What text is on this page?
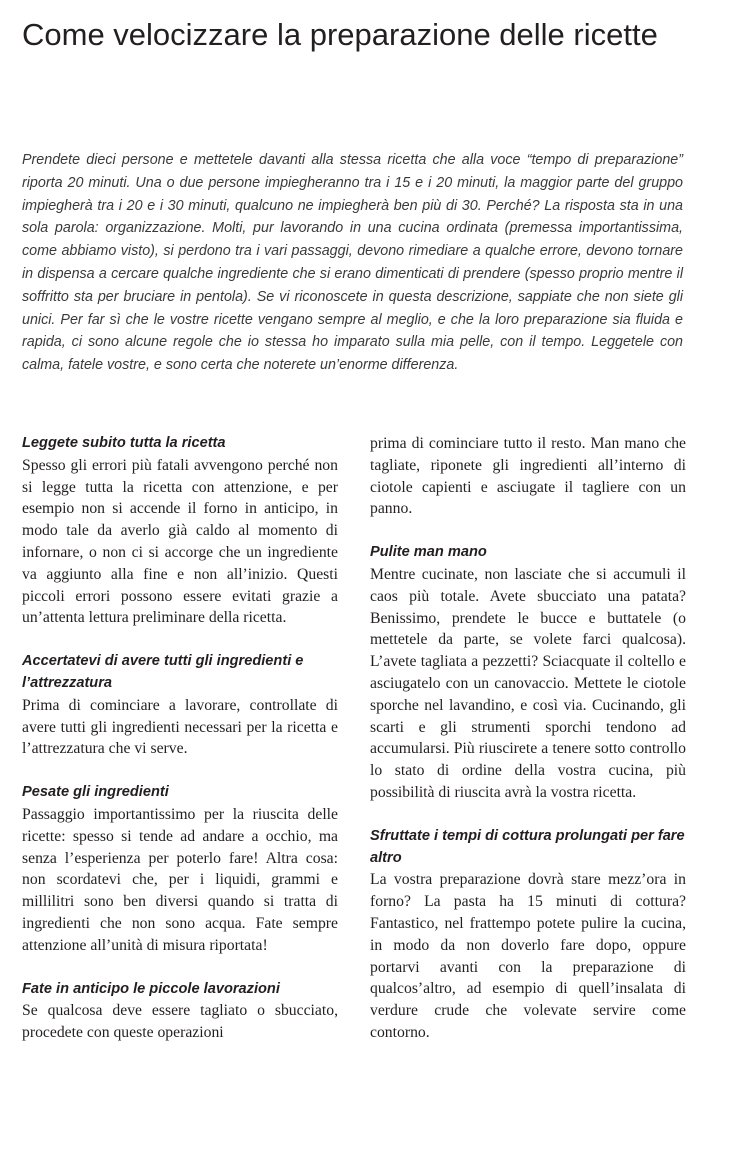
Come velocizzare la preparazione delle ricette

Prendete dieci persone e mettetele davanti alla stessa ricetta che alla voce “tempo di preparazione” riporta 20 minuti. Una o due persone impiegheranno tra i 15 e i 20 minuti, la maggior parte del gruppo impiegherà tra i 20 e i 30 minuti, qualcuno ne impiegherà ben più di 30. Perché? La risposta sta in una sola parola: organizzazione. Molti, pur lavorando in una cucina ordinata (premessa importantissima, come abbiamo visto), si perdono tra i vari passaggi, devono rimediare a qualche errore, devono tornare in dispensa a cercare qualche ingrediente che si erano dimenticati di prendere (spesso proprio mentre il soffritto sta per bruciare in pentola). Se vi riconoscete in questa descrizione, sappiate che non siete gli unici. Per far sì che le vostre ricette vengano sempre al meglio, e che la loro preparazione sia fluida e rapida, ci sono alcune regole che io stessa ho imparato sulla mia pelle, con il tempo. Leggetele con calma, fatele vostre, e sono certa che noterete un’enorme differenza.

Leggete subito tutta la ricetta

Spesso gli errori più fatali avvengono perché non si legge tutta la ricetta con attenzione, e per esempio non si accende il forno in anticipo, in modo tale da averlo già caldo al momento di infornare, o non ci si accorge che un ingrediente va aggiunto alla fine e non all’inizio. Questi piccoli errori possono essere evitati grazie a un’attenta lettura preliminare della ricetta.

Accertatevi di avere tutti gli ingredienti e l’attrezzatura

Prima di cominciare a lavorare, controllate di avere tutti gli ingredienti necessari per la ricetta e l’attrezzatura che vi serve.

Pesate gli ingredienti

Passaggio importantissimo per la riuscita delle ricette: spesso si tende ad andare a occhio, ma senza l’esperienza per poterlo fare! Altra cosa: non scordatevi che, per i liquidi, grammi e millilitri sono ben diversi quando si tratta di ingredienti che non sono acqua. Fate sempre attenzione all’unità di misura riportata!

Fate in anticipo le piccole lavorazioni

Se qualcosa deve essere tagliato o sbucciato, procedete con queste operazioni

prima di cominciare tutto il resto. Man mano che tagliate, riponete gli ingredienti all’interno di ciotole capienti e asciugate il tagliere con un panno.

Pulite man mano

Mentre cucinate, non lasciate che si accumuli il caos più totale. Avete sbucciato una patata? Benissimo, prendete le bucce e buttatele (o mettetele da parte, se volete farci qualcosa). L’avete tagliata a pezzetti? Sciacquate il coltello e asciugatelo con un canovaccio. Mettete le ciotole sporche nel lavandino, e così via. Cucinando, gli scarti e gli strumenti sporchi tendono ad accumularsi. Più riuscirete a tenere sotto controllo lo stato di ordine della vostra cucina, più possibilità di riuscita avrà la vostra ricetta.

Sfruttate i tempi di cottura prolungati per fare altro

La vostra preparazione dovrà stare mezz’ora in forno? La pasta ha 15 minuti di cottura? Fantastico, nel frattempo potete pulire la cucina, in modo da non doverlo fare dopo, oppure portarvi avanti con la preparazione di qualcos’altro, ad esempio di quell’insalata di verdure crude che volevate servire come contorno.
